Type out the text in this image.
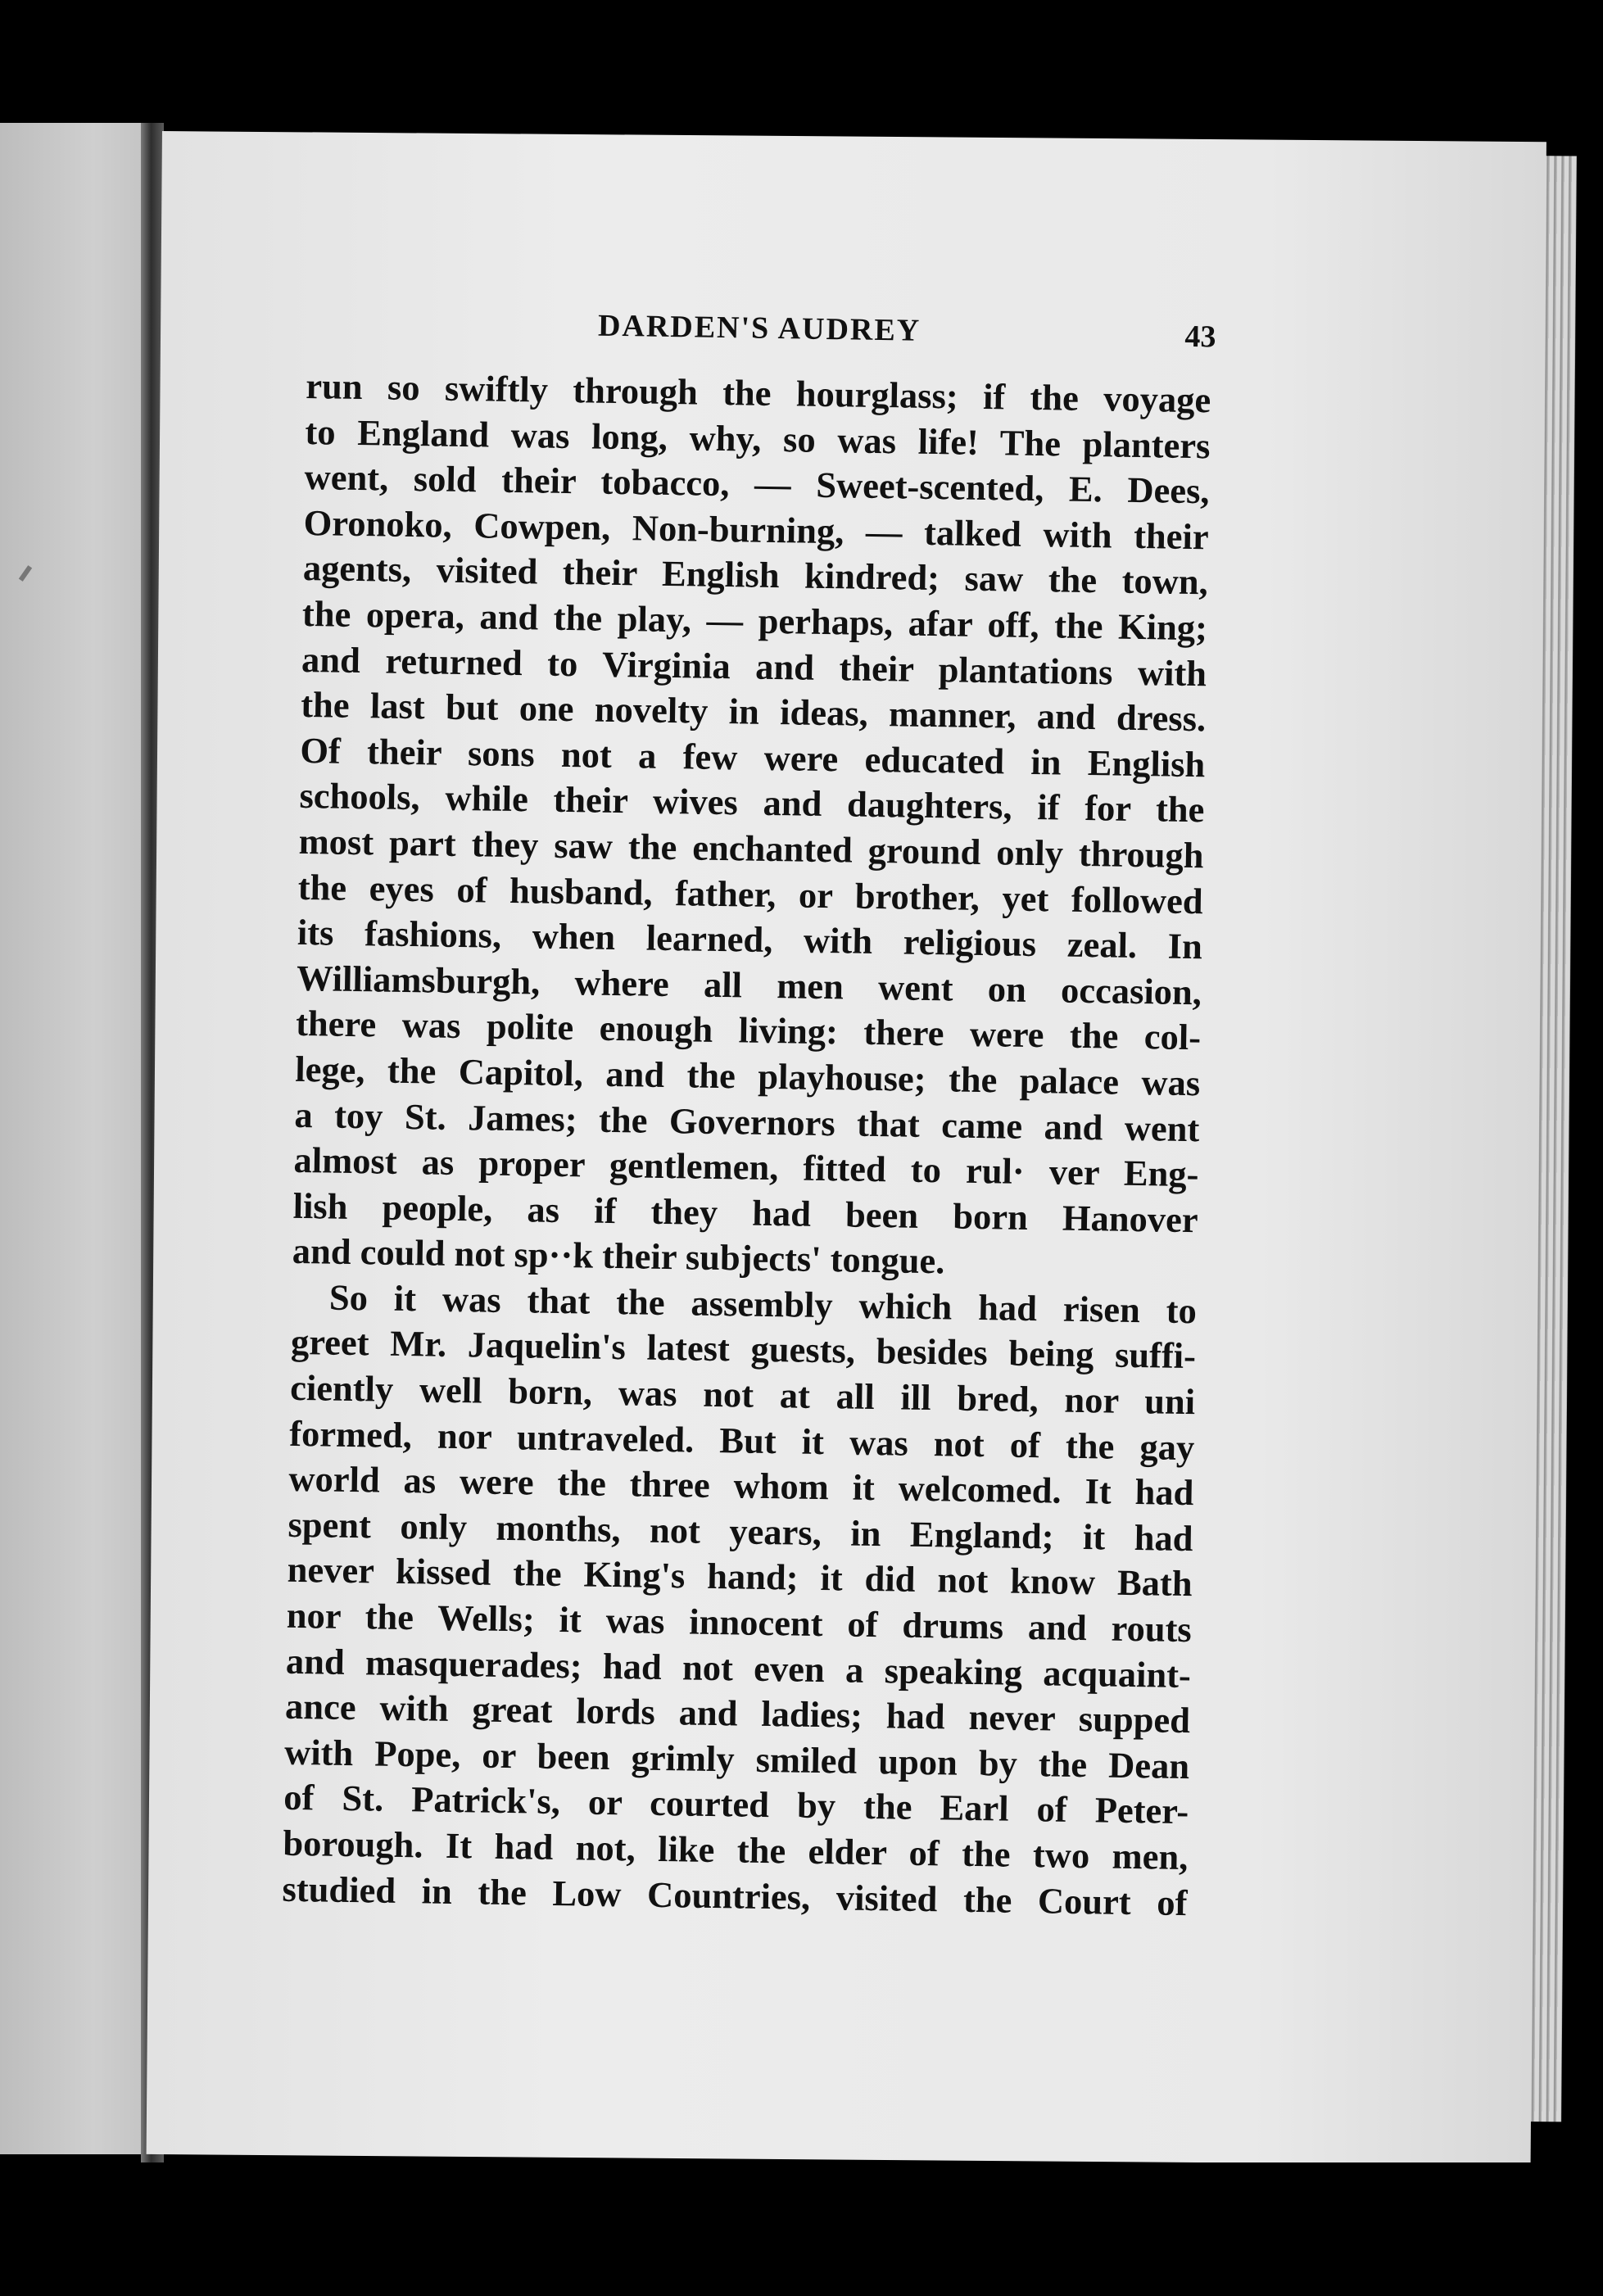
DARDEN'S AUDREY	43
run so swiftly through the hourglass; if the voyage
to England was long, why, so was life! The planters
went, sold their tobacco, — Sweet-scented, E. Dees,
Oronoko, Cowpen, Non-burning, — talked with their
agents, visited their English kindred; saw the town,
the opera, and the play, — perhaps, afar off, the King;
and returned to Virginia and their plantations with
the last but one novelty in ideas, manner, and dress.
Of their sons not a few were educated in English
schools, while their wives and daughters, if for the
most part they saw the enchanted ground only through
the eyes of husband, father, or brother, yet followed
its fashions, when learned, with religious zeal. In
Williamsburgh, where all men went on occasion,
there was polite enough living: there were the col-
lege, the Capitol, and the playhouse; the palace was
a toy St. James; the Governors that came and went
almost as proper gentlemen, fitted to rul· ver Eng-
lish people, as if they had been born Hanover
and could not sp··k their subjects' tongue.
So it was that the assembly which had risen to
greet Mr. Jaquelin's latest guests, besides being suffi-
ciently well born, was not at all ill bred, nor uni
formed, nor untraveled. But it was not of the gay
world as were the three whom it welcomed. It had
spent only months, not years, in England; it had
never kissed the King's hand; it did not know Bath
nor the Wells; it was innocent of drums and routs
and masquerades; had not even a speaking acquaint-
ance with great lords and ladies; had never supped
with Pope, or been grimly smiled upon by the Dean
of St. Patrick's, or courted by the Earl of Peter-
borough. It had not, like the elder of the two men,
studied in the Low Countries, visited the Court of
